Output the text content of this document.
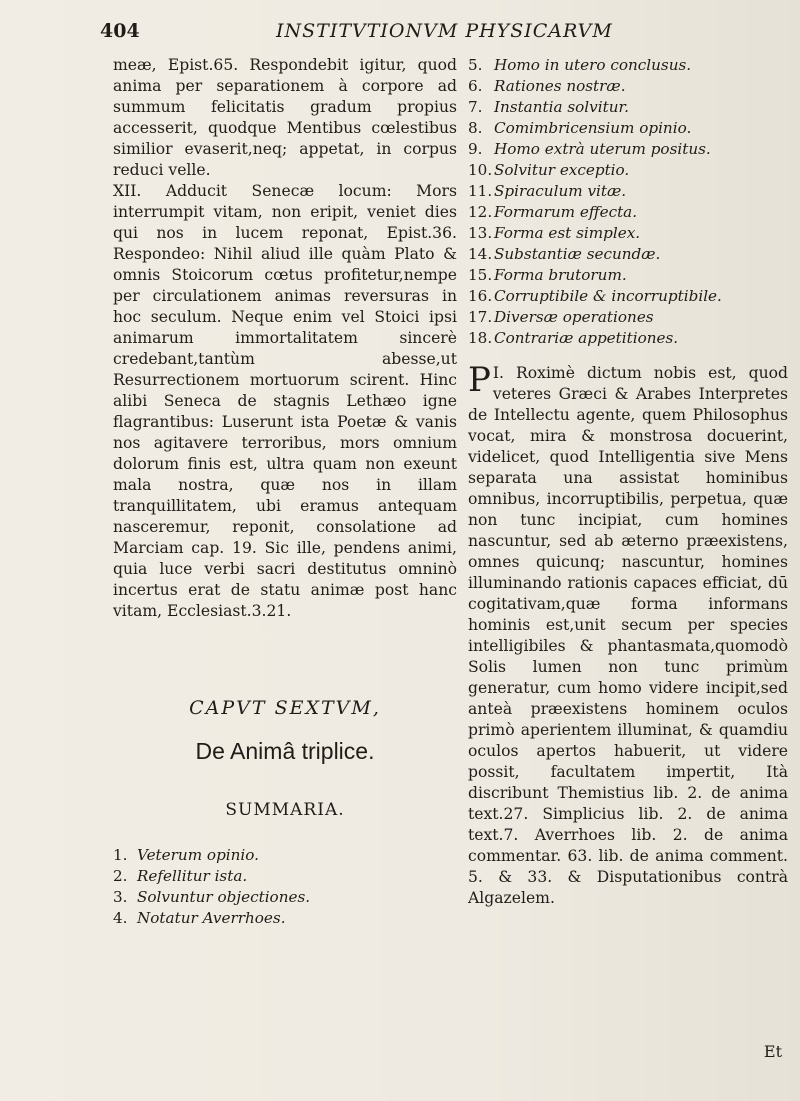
404	INSTITVTIONVM PHYSICARVM

meæ, Epist.65. Respondebit igitur, quod anima per separationem à corpore ad summum felicitatis gradum propius accesserit, quodque Mentibus cœlestibus similior evaserit,neq; appetat, in corpus reduci velle.

XII. Adducit Senecæ locum: Mors interrumpit vitam, non eripit, veniet dies qui nos in lucem reponat, Epist.36. Respondeo: Nihil aliud ille quàm Plato & omnis Stoicorum cœtus profitetur,nempe per circulationem animas reversuras in hoc seculum. Neque enim vel Stoici ipsi animarum immortalitatem sincerè credebant,tantùm abesse,ut Resurrectionem mortuorum scirent. Hinc alibi Seneca de stagnis Lethæo igne flagrantibus: Luserunt ista Poetæ & vanis nos agitavere terroribus, mors omnium dolorum finis est, ultra quam non exeunt mala nostra, quæ nos in illam tranquillitatem, ubi eramus antequam nasceremur, reponit, consolatione ad Marciam cap. 19. Sic ille, pendens animi, quia luce verbi sacri destitutus omninò incertus erat de statu animæ post hanc vitam, Ecclesiast.3.21.

CAPVT SEXTVM,
De Animâ triplice.
SUMMARIA.
1. Veterum opinio.
2. Refellitur ista.
3. Solvuntur objectiones.
4. Notatur Averrhoes.
5. Homo in utero conclusus.
6. Rationes nostræ.
7. Instantia solvitur.
8. Comimbricensium opinio.
9. Homo extrà uterum positus.
10. Solvitur exceptio.
11. Spiraculum vitæ.
12. Formarum effecta.
13. Forma est simplex.
14. Substantiæ secundæ.
15. Forma brutorum.
16. Corruptibile & incorruptibile.
17. Diversæ operationes
18. Contrariæ appetitiones.
I.
P Roximè dictum nobis est, quod veteres Græci & Arabes Interpretes de Intellectu agente, quem Philosophus vocat, mira & monstrosa docuerint, videlicet, quod Intelligentia sive Mens separata una assistat hominibus omnibus, incorruptibilis, perpetua, quæ non tunc incipiat, cum homines nascuntur, sed ab æterno præexistens, omnes quicunq; nascuntur, homines illuminando rationis capaces efficiat, dū cogitativam,quæ forma informans hominis est,unit secum per species intelligibiles & phantasmata,quomodò Solis lumen non tunc primùm generatur, cum homo videre incipit,sed anteà præexistens hominem oculos primò aperientem illuminat, & quamdiu oculos apertos habuerit, ut videre possit, facultatem impertit, Ità discribunt Themistius lib. 2. de anima text.27. Simplicius lib. 2. de anima text.7. Averrhoes lib. 2. de anima commentar. 63. lib. de anima comment. 5. & 33. & Disputationibus contrà Algazelem.
Et
